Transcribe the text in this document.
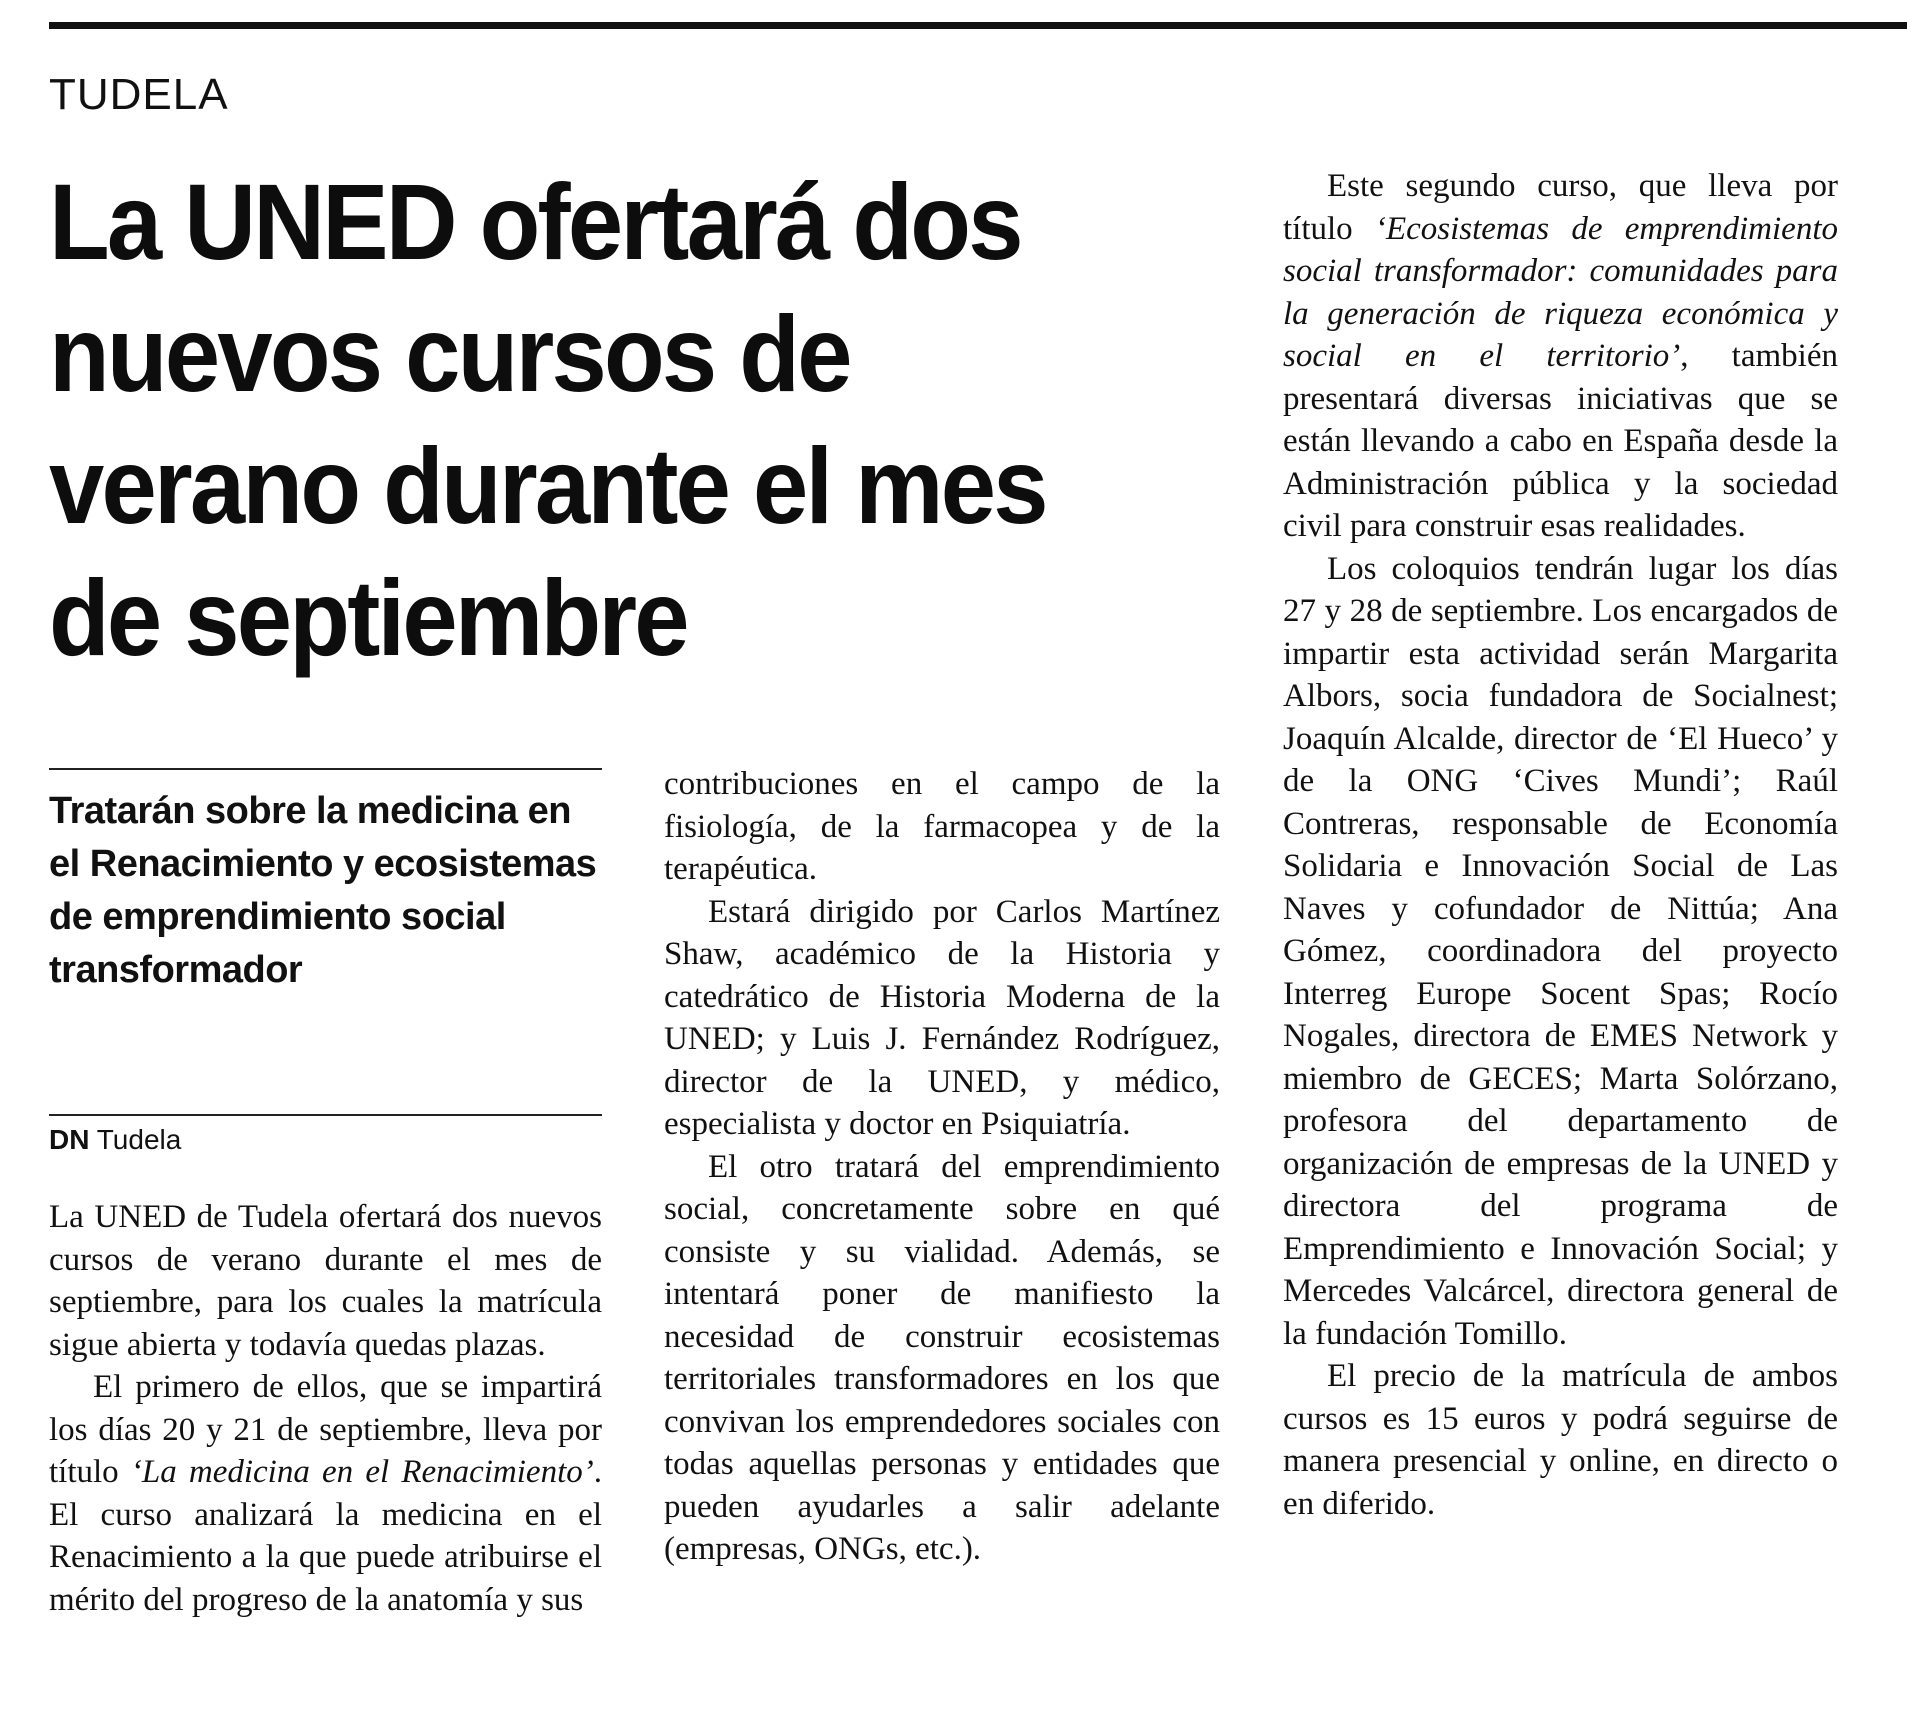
TUDELA
La UNED ofertará dos nuevos cursos de verano durante el mes de septiembre
Tratarán sobre la medicina en el Renacimiento y ecosistemas de emprendimiento social transformador
DN Tudela

La UNED de Tudela ofertará dos nuevos cursos de verano durante el mes de septiembre, para los cuales la matrícula sigue abierta y todavía quedas plazas.

El primero de ellos, que se impartirá los días 20 y 21 de septiembre, lleva por título ‘La medicina en el Renacimiento’. El curso analizará la medicina en el Renacimiento a la que puede atribuirse el mérito del progreso de la anatomía y sus

contribuciones en el campo de la fisiología, de la farmacopea y de la terapéutica.

Estará dirigido por Carlos Martínez Shaw, académico de la Historia y catedrático de Historia Moderna de la UNED; y Luis J. Fernández Rodríguez, director de la UNED, y médico, especialista y doctor en Psiquiatría.

El otro tratará del emprendimiento social, concretamente sobre en qué consiste y su vialidad. Además, se intentará poner de manifiesto la necesidad de construir ecosistemas territoriales transformadores en los que convivan los emprendedores sociales con todas aquellas personas y entidades que pueden ayudarles a salir adelante (empresas, ONGs, etc.).

Este segundo curso, que lleva por título ‘Ecosistemas de emprendimiento social transformador: comunidades para la generación de riqueza económica y social en el territorio’, también presentará diversas iniciativas que se están llevando a cabo en España desde la Administración pública y la sociedad civil para construir esas realidades.

Los coloquios tendrán lugar los días 27 y 28 de septiembre. Los encargados de impartir esta actividad serán Margarita Albors, socia fundadora de Socialnest; Joaquín Alcalde, director de ‘El Hueco’ y de la ONG ‘Cives Mundi’; Raúl Contreras, responsable de Economía Solidaria e Innovación Social de Las Naves y cofundador de Nittúa; Ana Gómez, coordinadora del proyecto Interreg Europe Socent Spas; Rocío Nogales, directora de EMES Network y miembro de GECES; Marta Solórzano, profesora del departamento de organización de empresas de la UNED y directora del programa de Emprendimiento e Innovación Social; y Mercedes Valcárcel, directora general de la fundación Tomillo.

El precio de la matrícula de ambos cursos es 15 euros y podrá seguirse de manera presencial y online, en directo o en diferido.
